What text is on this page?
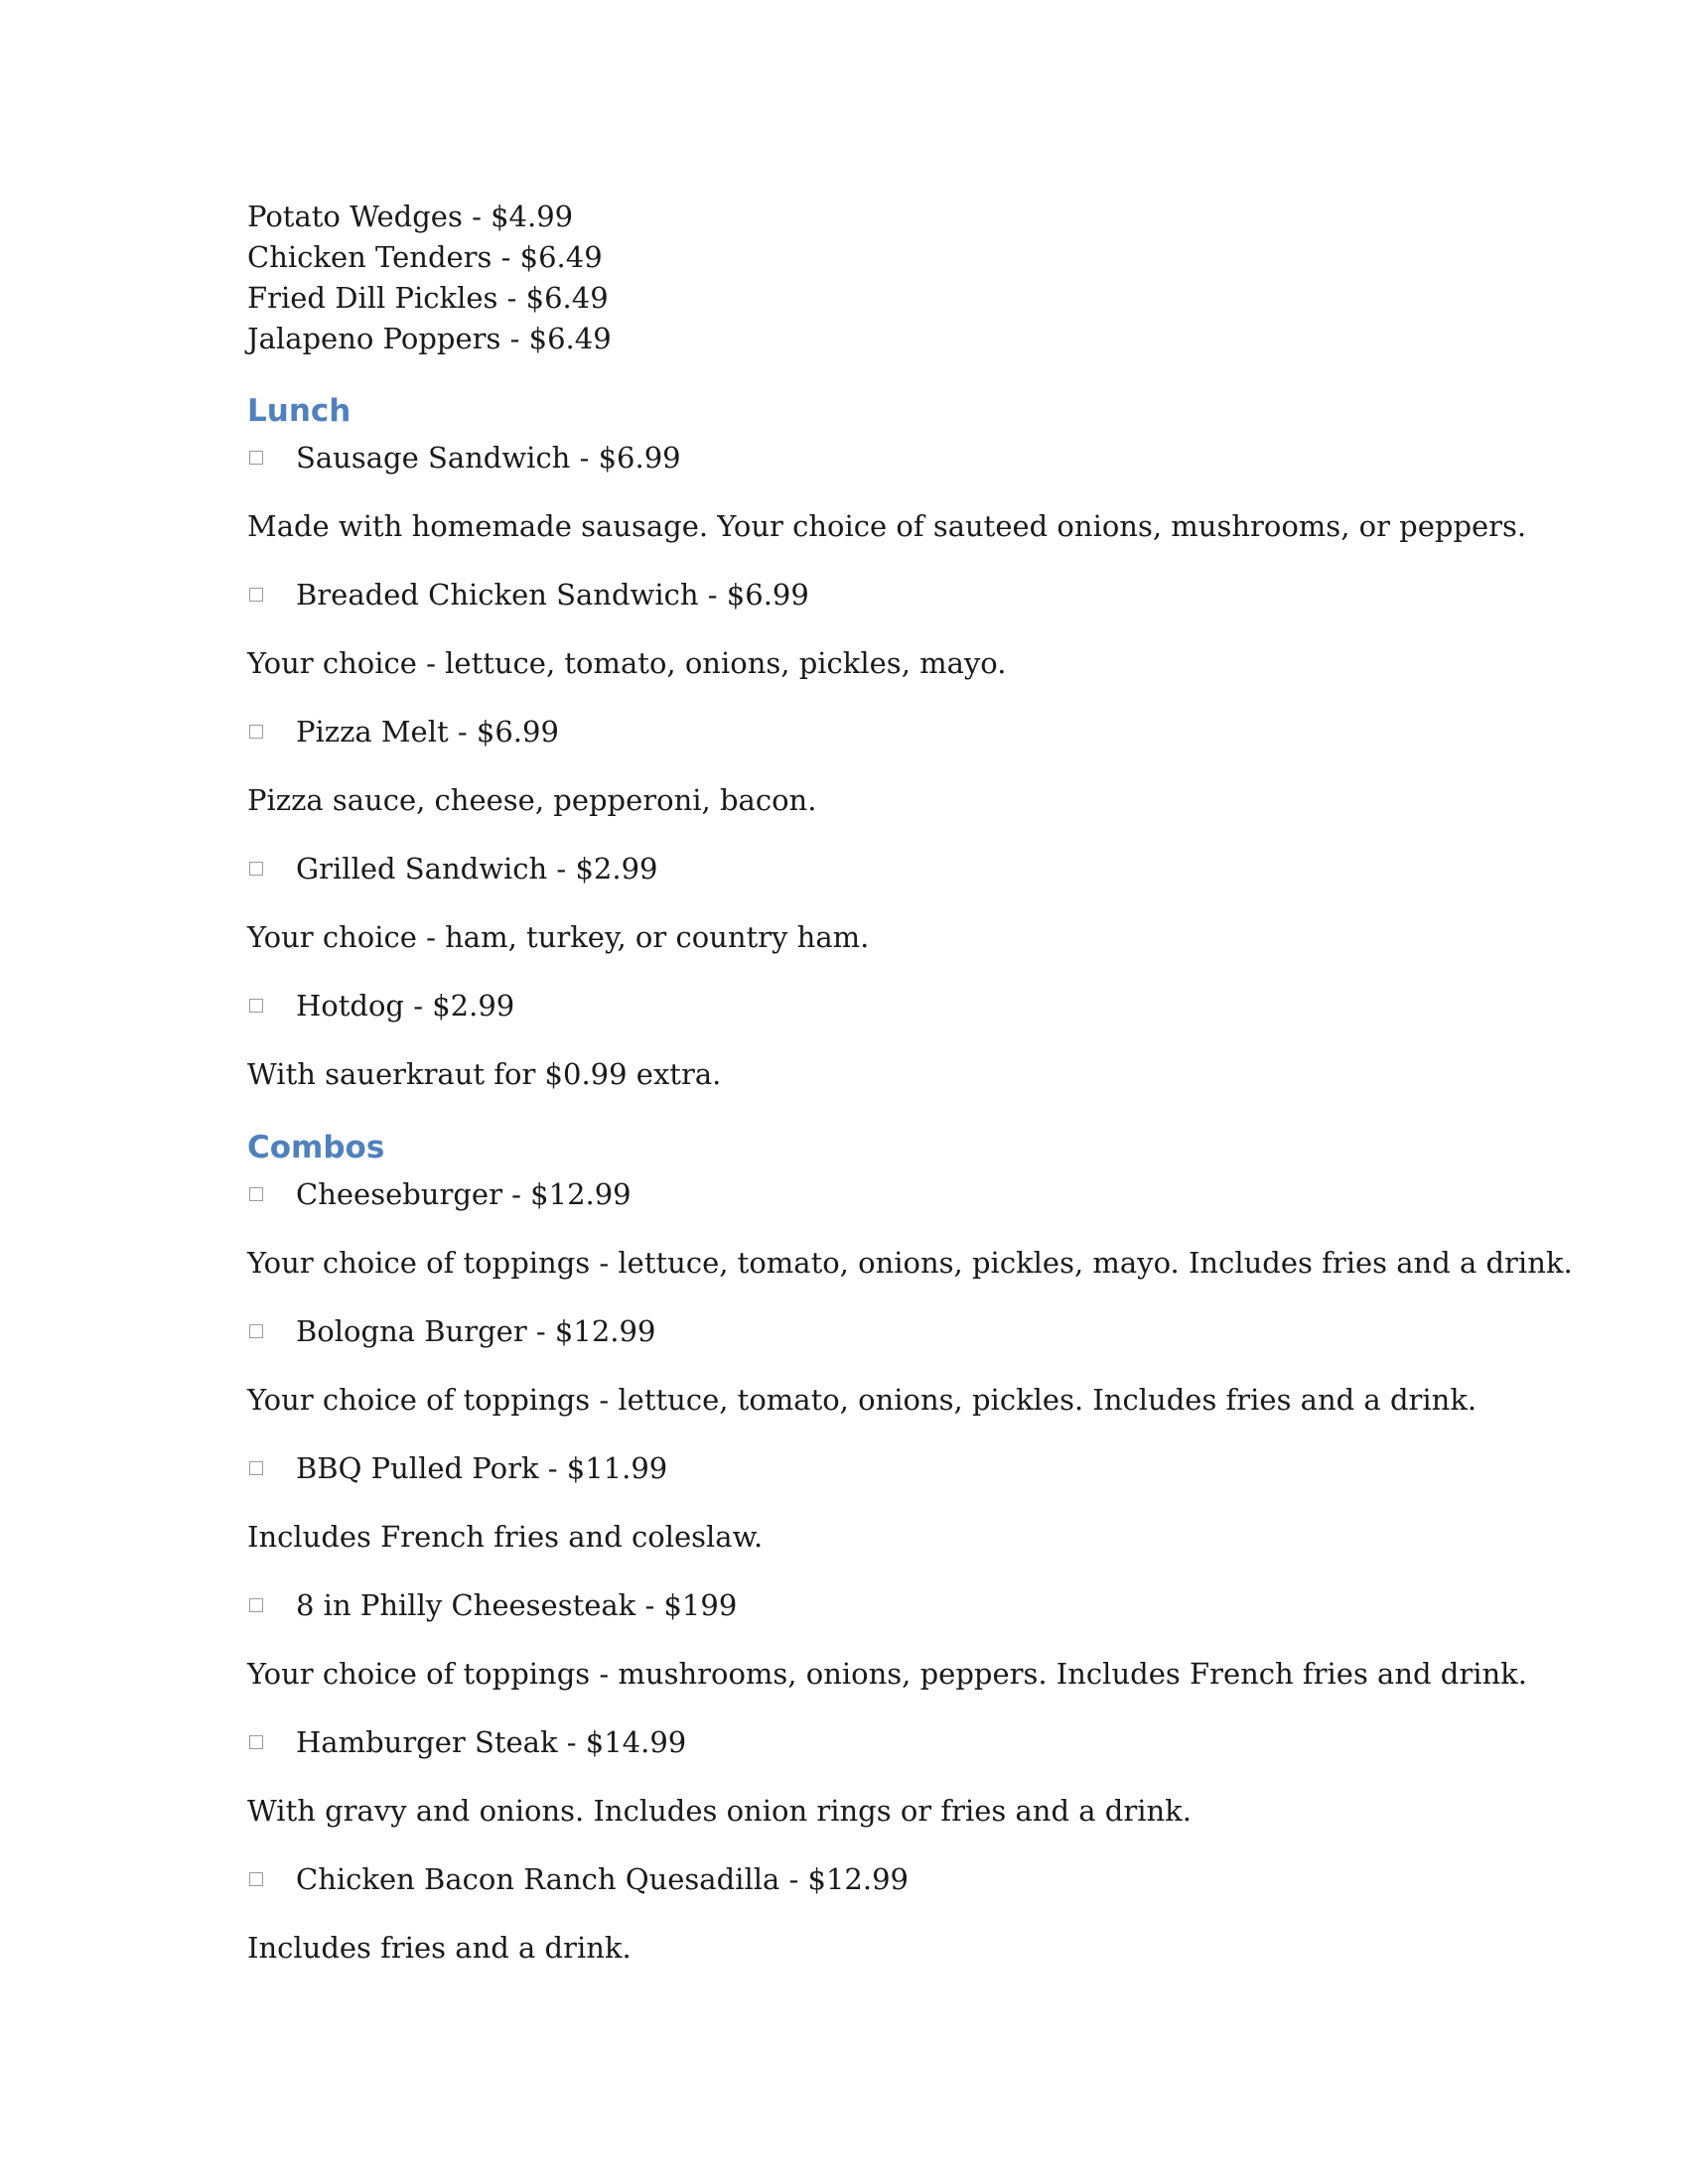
Potato Wedges - $4.99

Chicken Tenders - $6.49

Fried Dill Pickles - $6.49

Jalapeno Poppers - $6.49

Lunch
Sausage Sandwich - $6.99

Made with homemade sausage. Your choice of sauteed onions, mushrooms, or peppers.

Breaded Chicken Sandwich - $6.99

Your choice - lettuce, tomato, onions, pickles, mayo.

Pizza Melt - $6.99

Pizza sauce, cheese, pepperoni, bacon.

Grilled Sandwich - $2.99

Your choice - ham, turkey, or country ham.

Hotdog - $2.99

With sauerkraut for $0.99 extra.

Combos
Cheeseburger - $12.99

Your choice of toppings - lettuce, tomato, onions, pickles, mayo. Includes fries and a drink.

Bologna Burger - $12.99

Your choice of toppings - lettuce, tomato, onions, pickles. Includes fries and a drink.

BBQ Pulled Pork - $11.99

Includes French fries and coleslaw.

8 in Philly Cheesesteak - $199

Your choice of toppings - mushrooms, onions, peppers. Includes French fries and drink.

Hamburger Steak - $14.99

With gravy and onions. Includes onion rings or fries and a drink.

Chicken Bacon Ranch Quesadilla - $12.99

Includes fries and a drink.
